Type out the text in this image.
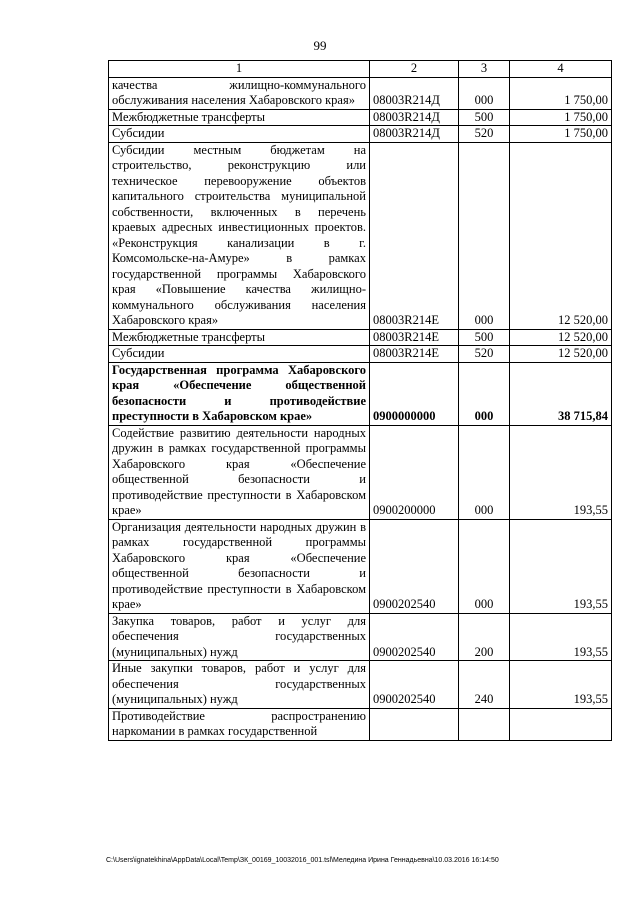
99
1	2	3	4
качества жилищно-коммунального обслуживания населения Хабаровского края»	08003R214Д	000	1 750,00
Межбюджетные трансферты	08003R214Д	500	1 750,00
Субсидии	08003R214Д	520	1 750,00
Субсидии местным бюджетам на строительство, реконструкцию или техническое перевооружение объектов капитального строительства муниципальной собственности, включенных в перечень краевых адресных инвестиционных проектов. «Реконструкция канализации в г. Комсомольске-на-Амуре» в рамках государственной программы Хабаровского края «Повышение качества жилищно-коммунального обслуживания населения Хабаровского края»	08003R214Е	000	12 520,00
Межбюджетные трансферты	08003R214Е	500	12 520,00
Субсидии	08003R214Е	520	12 520,00
Государственная программа Хабаровского края «Обеспечение общественной безопасности и противодействие преступности в Хабаровском крае»	0900000000	000	38 715,84
Содействие развитию деятельности народных дружин в рамках государственной программы Хабаровского края «Обеспечение общественной безопасности и противодействие преступности в Хабаровском крае»	0900200000	000	193,55
Организация деятельности народных дружин в рамках государственной программы Хабаровского края «Обеспечение общественной безопасности и противодействие преступности в Хабаровском крае»	0900202540	000	193,55
Закупка товаров, работ и услуг для обеспечения государственных (муниципальных) нужд	0900202540	200	193,55
Иные закупки товаров, работ и услуг для обеспечения государственных (муниципальных) нужд	0900202540	240	193,55
Противодействие распространению наркомании в рамках государственной			
C:\Users\ignatekhina\AppData\Local\Temp\ЗК_00169_10032016_001.tsl\Меледина Ирина Геннадьевна\10.03.2016 16:14:50
